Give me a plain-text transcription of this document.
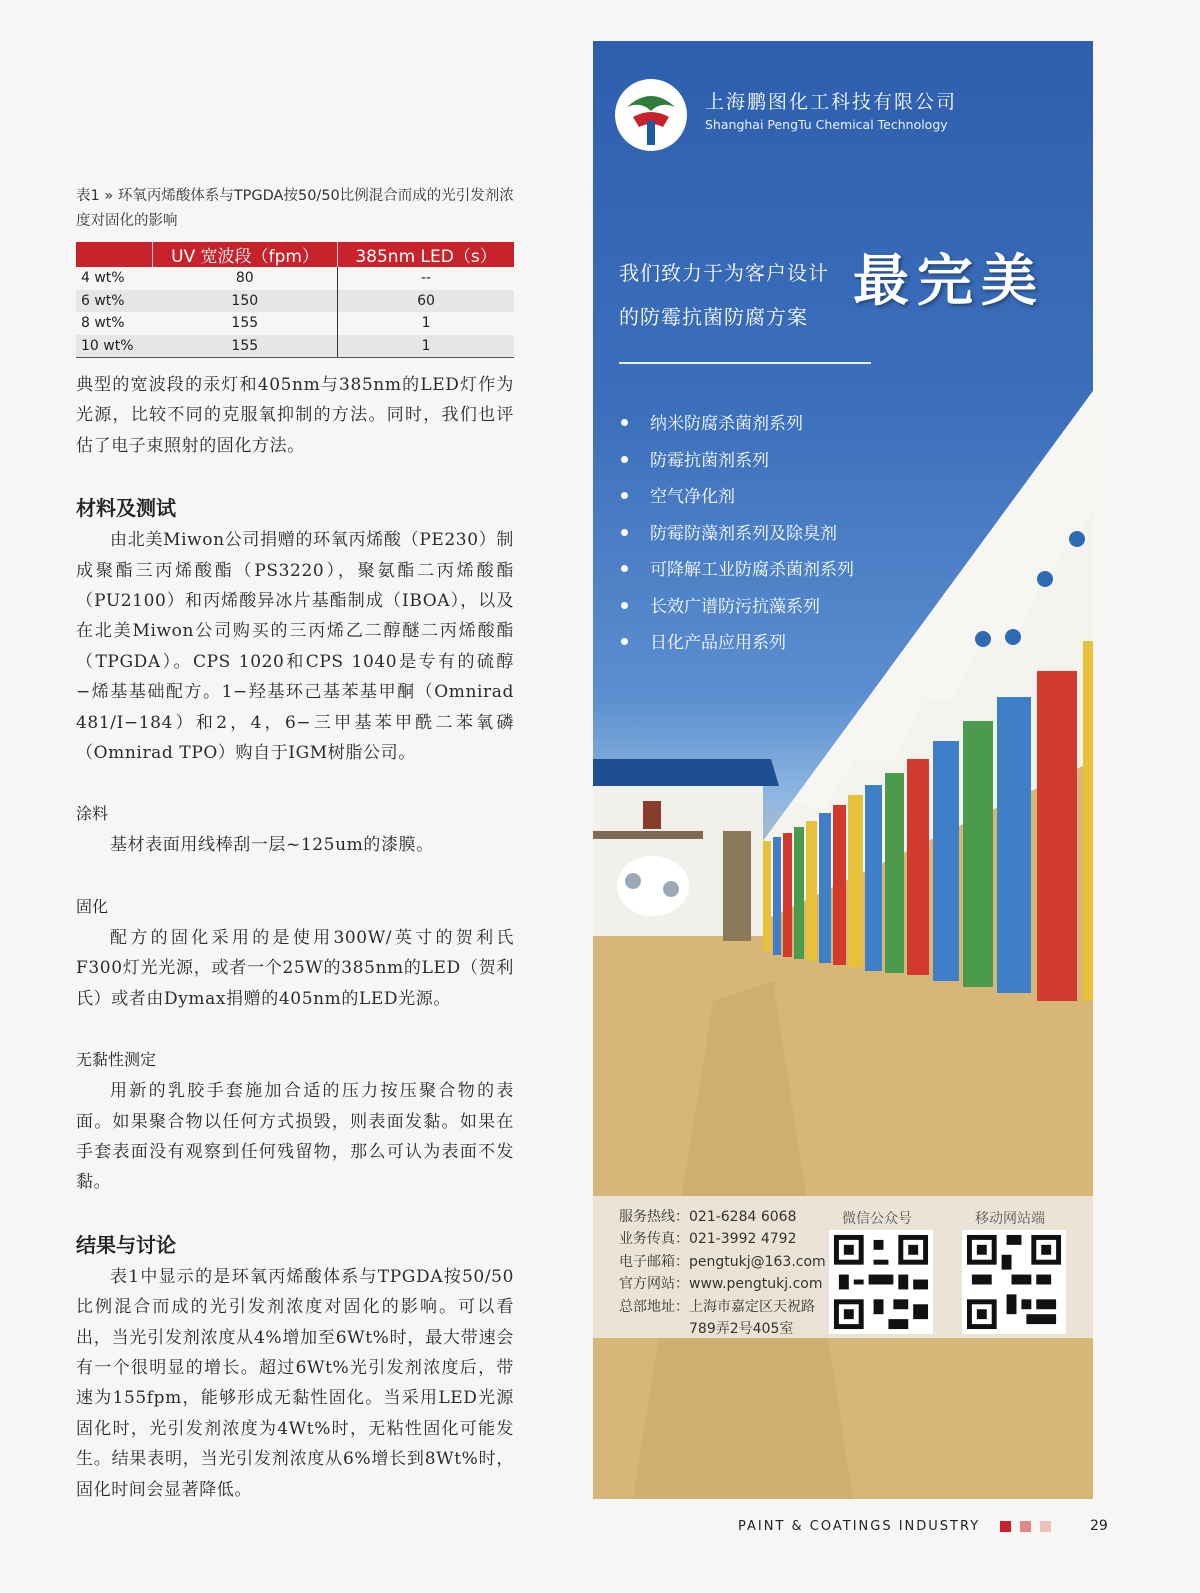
表1 » 环氧丙烯酸体系与TPGDA按50/50比例混合而成的光引发剂浓度对固化的影响

	UV 宽波段（fpm）	385nm LED（s）
4 wt%	80	--
6 wt%	150	60
8 wt%	155	1
10 wt%	155	1

典型的宽波段的汞灯和405nm与385nm的LED灯作为光源，比较不同的克服氧抑制的方法。同时，我们也评估了电子束照射的固化方法。

材料及测试

由北美Miwon公司捐赠的环氧丙烯酸（PE230）制成聚酯三丙烯酸酯（PS3220），聚氨酯二丙烯酸酯（PU2100）和丙烯酸异冰片基酯制成（IBOA），以及在北美Miwon公司购买的三丙烯乙二醇醚二丙烯酸酯（TPGDA）。CPS 1020和CPS 1040是专有的硫醇−烯基基础配方。1−羟基环己基苯基甲酮（Omnirad 481/I−184）和2，4，6−三甲基苯甲酰二苯氧磷（Omnirad TPO）购自于IGM树脂公司。

涂料

基材表面用线棒刮一层~125um的漆膜。

固化

配方的固化采用的是使用300W/英寸的贺利氏F300灯光光源，或者一个25W的385nm的LED（贺利氏）或者由Dymax捐赠的405nm的LED光源。

无黏性测定

用新的乳胶手套施加合适的压力按压聚合物的表面。如果聚合物以任何方式损毁，则表面发黏。如果在手套表面没有观察到任何残留物，那么可认为表面不发黏。

结果与讨论

表1中显示的是环氧丙烯酸体系与TPGDA按50/50比例混合而成的光引发剂浓度对固化的影响。可以看出，当光引发剂浓度从4%增加至6Wt%时，最大带速会有一个很明显的增长。超过6Wt%光引发剂浓度后，带速为155fpm，能够形成无黏性固化。当采用LED光源固化时，光引发剂浓度为4Wt%时，无粘性固化可能发生。结果表明，当光引发剂浓度从6%增长到8Wt%时，固化时间会显著降低。

上海鹏图化工科技有限公司
Shanghai PengTu Chemical Technology
我们致力于为客户设计 最完美
的防霉抗菌防腐方案
纳米防腐杀菌剂系列
防霉抗菌剂系列
空气净化剂
防霉防藻剂系列及除臭剂
可降解工业防腐杀菌剂系列
长效广谱防污抗藻系列
日化产品应用系列
服务热线：021-6284 6068
业务传真：021-3992 4792
电子邮箱：pengtukj@163.com
官方网站：www.pengtukj.com
总部地址：上海市嘉定区天祝路
789弄2号405室
微信公众号	移动网站端
PAINT & COATINGS INDUSTRY	29
